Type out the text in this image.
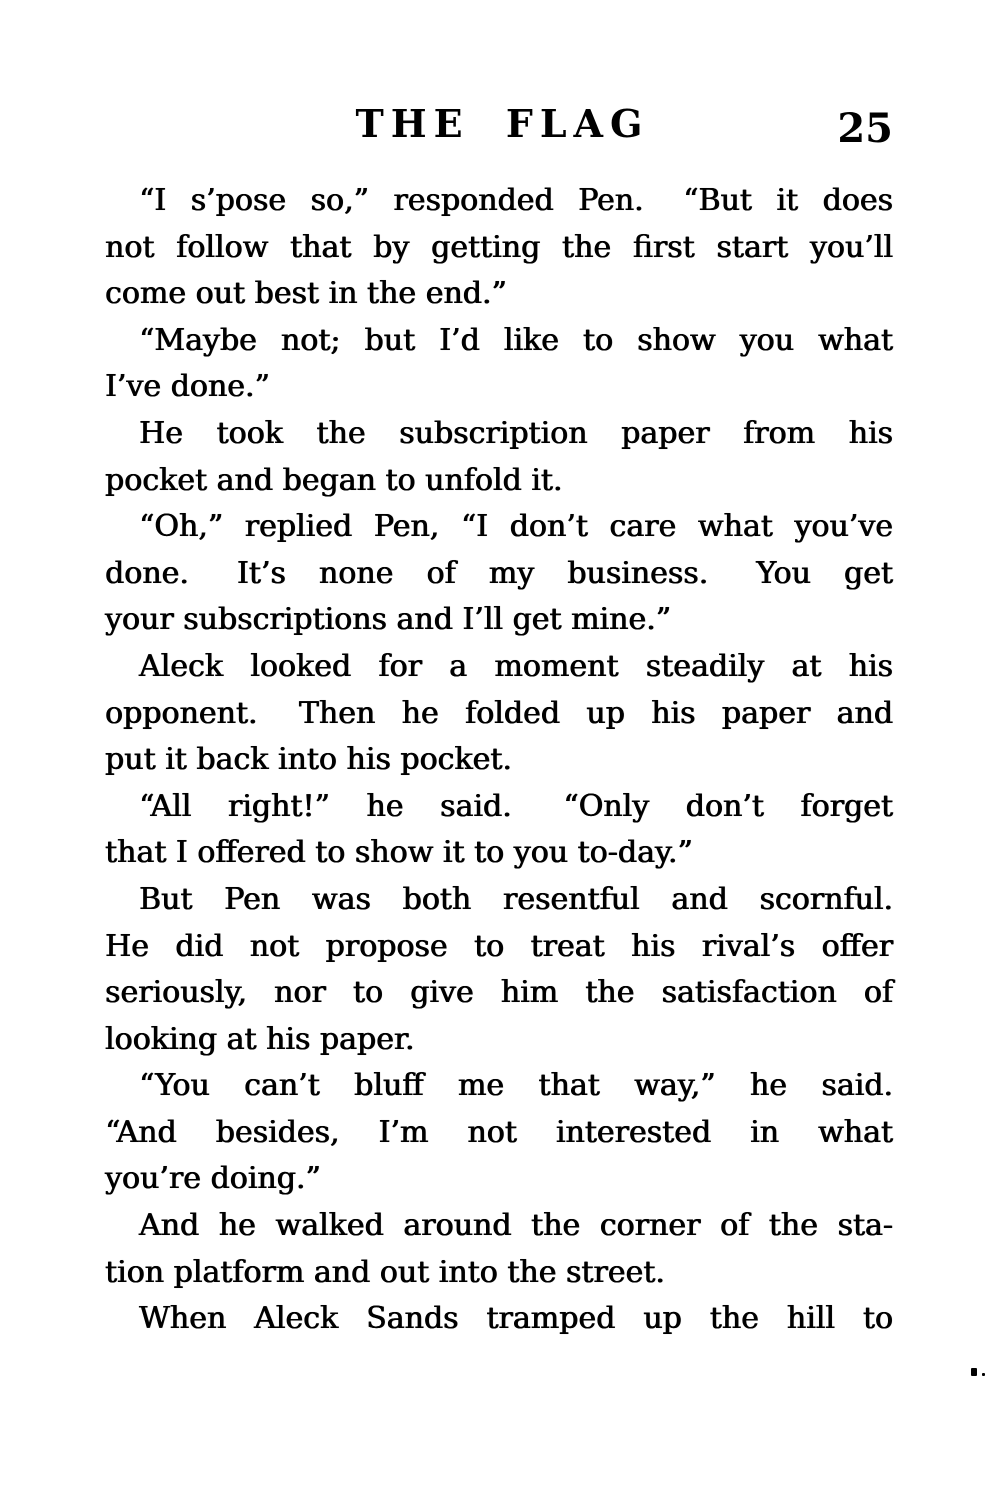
THE FLAG	25
“I s’pose so,” responded Pen.  “But it does
not follow that by getting the first start you’ll
come out best in the end.”
“Maybe not; but I’d like to show you what
I’ve done.”
He took the subscription paper from his
pocket and began to unfold it.
“Oh,” replied Pen, “I don’t care what you’ve
done.  It’s none of my business.  You get
your subscriptions and I’ll get mine.”
Aleck looked for a moment steadily at his
opponent.  Then he folded up his paper and
put it back into his pocket.
“All right!” he said.  “Only don’t forget
that I offered to show it to you to-day.”
But Pen was both resentful and scornful.
He did not propose to treat his rival’s offer
seriously, nor to give him the satisfaction of
looking at his paper.
“You can’t bluff me that way,” he said.
“And besides, I’m not interested in what
you’re doing.”
And he walked around the corner of the sta-
tion platform and out into the street.
When Aleck Sands tramped up the hill to
